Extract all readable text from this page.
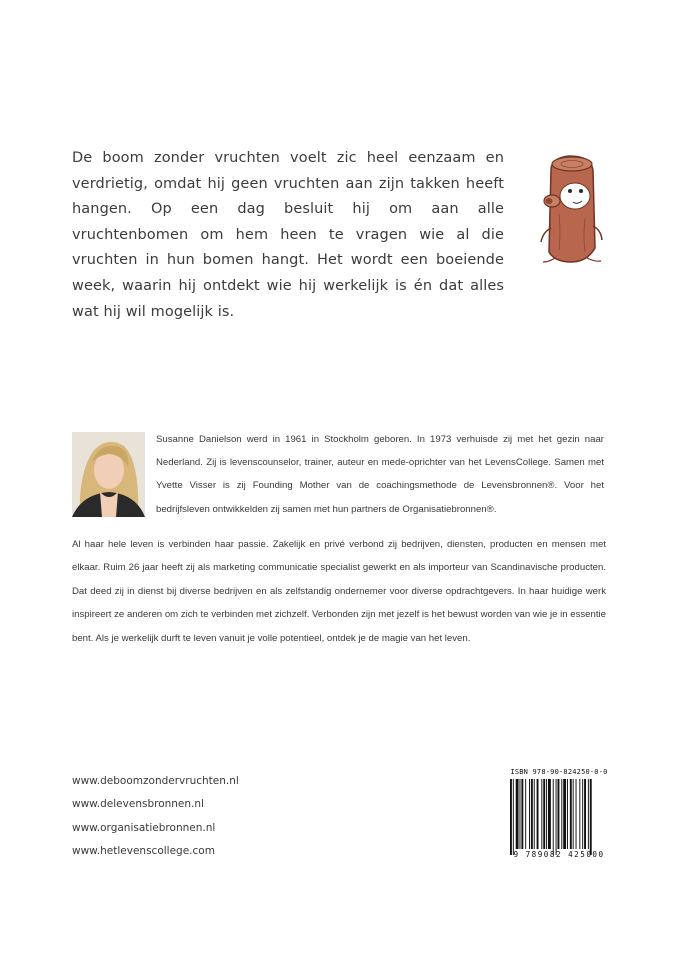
De boom zonder vruchten voelt zic heel eenzaam en verdrietig, omdat hij geen vruchten aan zijn takken heeft hangen. Op een dag besluit hij om aan alle vruchtenbomen om hem heen te vragen wie al die vruchten in hun bomen hangt. Het wordt een boeiende week, waarin hij ontdekt wie hij werkelijk is én dat alles wat hij wil mogelijk is.

Susanne Danielson werd in 1961 in Stockholm geboren. In 1973 verhuisde zij met het gezin naar Nederland. Zij is levenscounselor, trainer, auteur en mede-oprichter van het LevensCollege. Samen met Yvette Visser is zij Founding Mother van de coachingsmethode de Levensbronnen®. Voor het bedrijfsleven ontwikkelden zij samen met hun partners de Organisatiebronnen®.

Al haar hele leven is verbinden haar passie. Zakelijk en privé verbond zij bedrijven, diensten, producten en mensen met elkaar. Ruim 26 jaar heeft zij als marketing communicatie specialist gewerkt en als importeur van Scandinavische producten. Dat deed zij in dienst bij diverse bedrijven en als zelfstandig ondernemer voor diverse opdrachtgevers. In haar huidige werk inspireert ze anderen om zich te verbinden met zichzelf. Verbonden zijn met jezelf is het bewust worden van wie je in essentie bent. Als je werkelijk durft te leven vanuit je volle potentieel, ontdek je de magie van het leven.

www.deboomzondervruchten.nl
www.delevensbronnen.nl
www.organisatiebronnen.nl
www.hetlevenscollege.com
ISBN 978-90-824250-0-0
9 789082 425000
